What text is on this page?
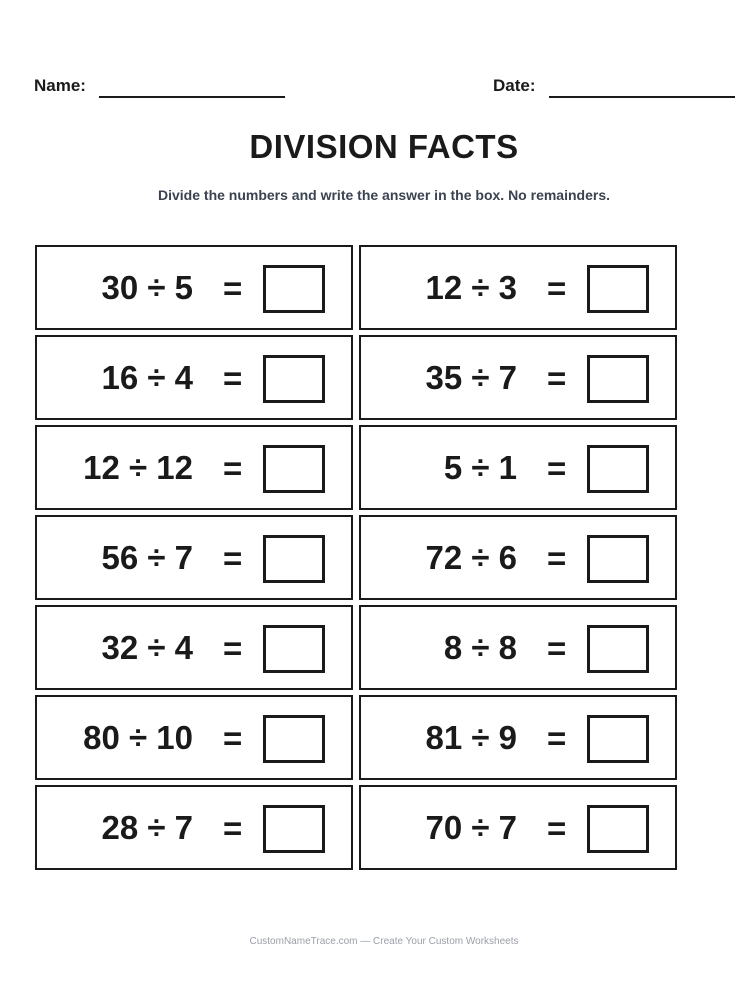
Name:	Date:
DIVISION FACTS
Divide the numbers and write the answer in the box. No remainders.
30 ÷ 5 =	12 ÷ 3 =
16 ÷ 4 =	35 ÷ 7 =
12 ÷ 12 =	5 ÷ 1 =
56 ÷ 7 =	72 ÷ 6 =
32 ÷ 4 =	8 ÷ 8 =
80 ÷ 10 =	81 ÷ 9 =
28 ÷ 7 =	70 ÷ 7 =
CustomNameTrace.com — Create Your Custom Worksheets
